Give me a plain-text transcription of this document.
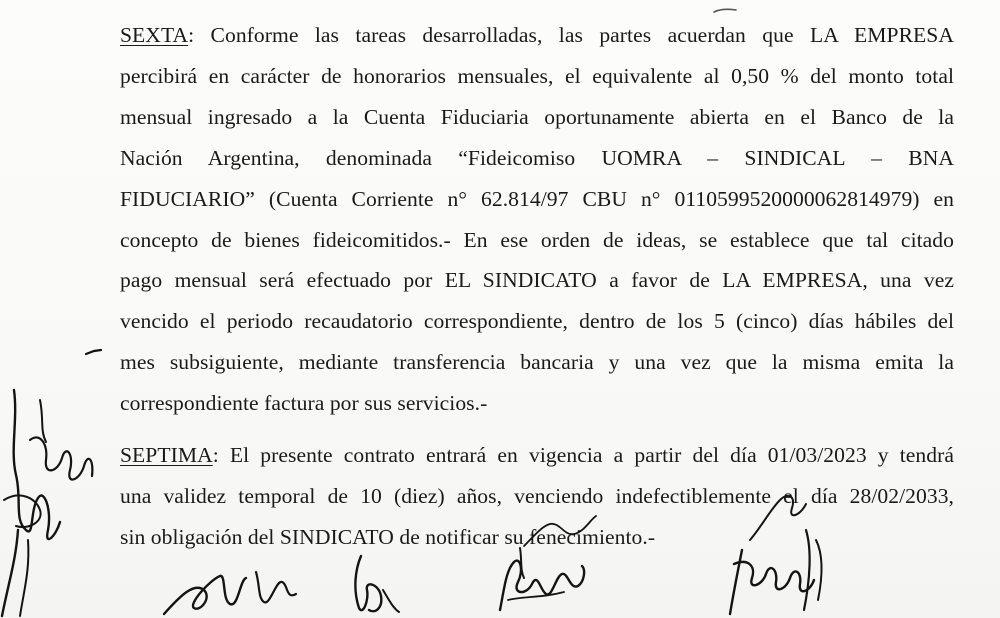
SEXTA: Conforme las tareas desarrolladas, las partes acuerdan que LA EMPRESA
percibirá en carácter de honorarios mensuales, el equivalente al 0,50 % del monto total
mensual ingresado a la Cuenta Fiduciaria oportunamente abierta en el Banco de la
Nación Argentina, denominada “Fideicomiso UOMRA – SINDICAL – BNA
FIDUCIARIO” (Cuenta Corriente n° 62.814/97 CBU n° 0110599520000062814979) en
concepto de bienes fideicomitidos.- En ese orden de ideas, se establece que tal citado
pago mensual será efectuado por EL SINDICATO a favor de LA EMPRESA, una vez
vencido el periodo recaudatorio correspondiente, dentro de los 5 (cinco) días hábiles del
mes subsiguiente, mediante transferencia bancaria y una vez que la misma emita la
correspondiente factura por sus servicios.-
SEPTIMA: El presente contrato entrará en vigencia a partir del día 01/03/2023 y tendrá
una validez temporal de 10 (diez) años, venciendo indefectiblemente el día 28/02/2033,
sin obligación del SINDICATO de notificar su fenecimiento.-
